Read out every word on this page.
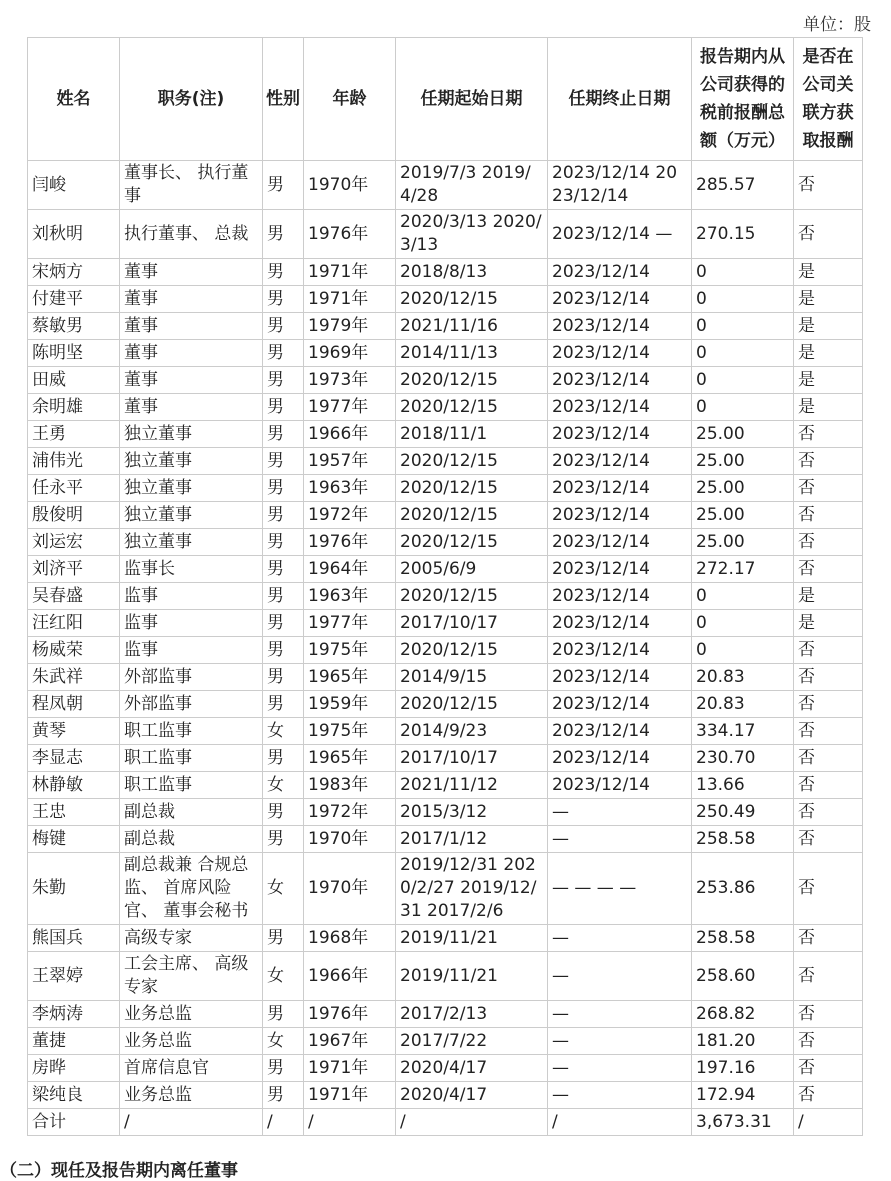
单位：股
姓名	职务(注)	性别	年龄	任期起始日期	任期终止日期	报告期内从公司获得的税前报酬总额（万元）	是否在公司关联方获取报酬
闫峻	董事长、 执行董事	男	1970年	2019/7/3 2019/4/28	2023/12/14 2023/12/14	285.57	否
刘秋明	执行董事、 总裁	男	1976年	2020/3/13 2020/3/13	2023/12/14 —	270.15	否
宋炳方	董事	男	1971年	2018/8/13	2023/12/14	0	是
付建平	董事	男	1971年	2020/12/15	2023/12/14	0	是
蔡敏男	董事	男	1979年	2021/11/16	2023/12/14	0	是
陈明坚	董事	男	1969年	2014/11/13	2023/12/14	0	是
田威	董事	男	1973年	2020/12/15	2023/12/14	0	是
余明雄	董事	男	1977年	2020/12/15	2023/12/14	0	是
王勇	独立董事	男	1966年	2018/11/1	2023/12/14	25.00	否
浦伟光	独立董事	男	1957年	2020/12/15	2023/12/14	25.00	否
任永平	独立董事	男	1963年	2020/12/15	2023/12/14	25.00	否
殷俊明	独立董事	男	1972年	2020/12/15	2023/12/14	25.00	否
刘运宏	独立董事	男	1976年	2020/12/15	2023/12/14	25.00	否
刘济平	监事长	男	1964年	2005/6/9	2023/12/14	272.17	否
吴春盛	监事	男	1963年	2020/12/15	2023/12/14	0	是
汪红阳	监事	男	1977年	2017/10/17	2023/12/14	0	是
杨威荣	监事	男	1975年	2020/12/15	2023/12/14	0	否
朱武祥	外部监事	男	1965年	2014/9/15	2023/12/14	20.83	否
程凤朝	外部监事	男	1959年	2020/12/15	2023/12/14	20.83	否
黄琴	职工监事	女	1975年	2014/9/23	2023/12/14	334.17	否
李显志	职工监事	男	1965年	2017/10/17	2023/12/14	230.70	否
林静敏	职工监事	女	1983年	2021/11/12	2023/12/14	13.66	否
王忠	副总裁	男	1972年	2015/3/12	—	250.49	否
梅键	副总裁	男	1970年	2017/1/12	—	258.58	否
朱勤	副总裁兼 合规总监、 首席风险官、 董事会秘书	女	1970年	2019/12/31 2020/2/27 2019/12/31 2017/2/6	— — — —	253.86	否
熊国兵	高级专家	男	1968年	2019/11/21	—	258.58	否
王翠婷	工会主席、 高级专家	女	1966年	2019/11/21	—	258.60	否
李炳涛	业务总监	男	1976年	2017/2/13	—	268.82	否
董捷	业务总监	女	1967年	2017/7/22	—	181.20	否
房晔	首席信息官	男	1971年	2020/4/17	—	197.16	否
梁纯良	业务总监	男	1971年	2020/4/17	—	172.94	否
合计	/	/	/	/	/	3,673.31	/
（二）现任及报告期内离任董事
